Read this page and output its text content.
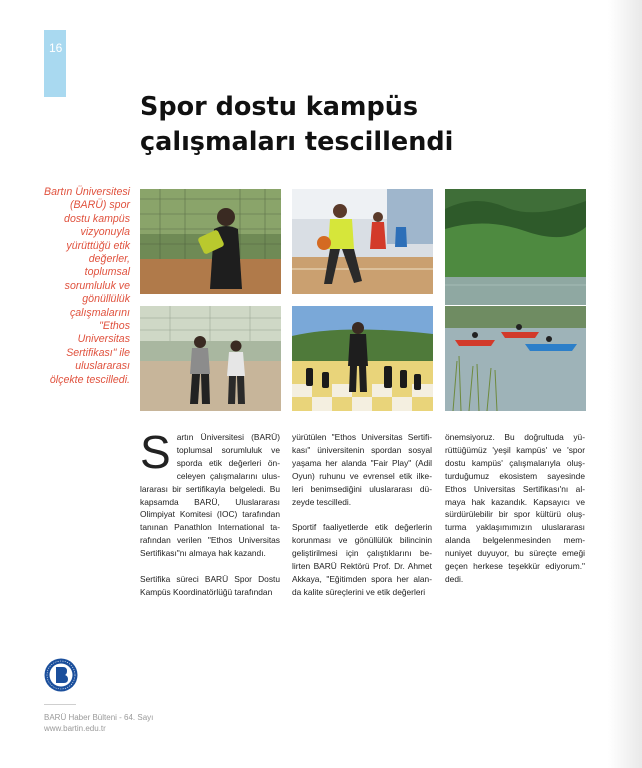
16
Spor dostu kampüs çalışmaları tescillendi

Bartın Üniversitesi (BARÜ) spor dostu kampüs vizyonuyla yürüttüğü etik değerler, toplumsal sorumluluk ve gönüllülük çalışmalarını "Ethos Universitas Sertifikası" ile uluslararası ölçekte tescilledi.

Sartın Üniversitesi (BARÜ) toplumsal sorumluluk ve sporda etik değerleri ön-celeyen çalışmalarını ulus-lararası bir sertifikayla belgeledi. Bu kapsamda BARÜ, Uluslararası Olimpiyat Komitesi (IOC) tarafından tanınan Panathlon International ta-rafından verilen "Ethos Universitas Sertifikası"nı almaya hak kazandı.

Sertifika süreci BARÜ Spor Dostu Kampüs Koordinatörlüğü tarafından

yürütülen "Ethos Universitas Sertifi-kası" üniversitenin spordan sosyal yaşama her alanda "Fair Play" (Adil Oyun) ruhunu ve evrensel etik ilke-leri benimsediğini uluslararası dü-zeyde tescilledi.

Sportif faaliyetlerde etik değerlerin korunması ve gönüllülük bilincinin geliştirilmesi için çalıştıklarını be-lirten BARÜ Rektörü Prof. Dr. Ahmet Akkaya, "Eğitimden spora her alan-da kalite süreçlerini ve etik değerleri

önemsiyoruz. Bu doğrultuda yü-rüttüğümüz 'yeşil kampüs' ve 'spor dostu kampüs' çalışmalarıyla oluş-turduğumuz ekosistem sayesinde Ethos Universitas Sertifikası'nı al-maya hak kazandık. Kapsayıcı ve sürdürülebilir bir spor kültürü oluş-turma yaklaşımımızın uluslararası alanda belgelenmesinden mem-nuniyet duyuyor, bu süreçte emeği geçen herkese teşekkür ediyorum." dedi.

BARÜ Haber Bülteni - 64. Sayı
www.bartin.edu.tr
